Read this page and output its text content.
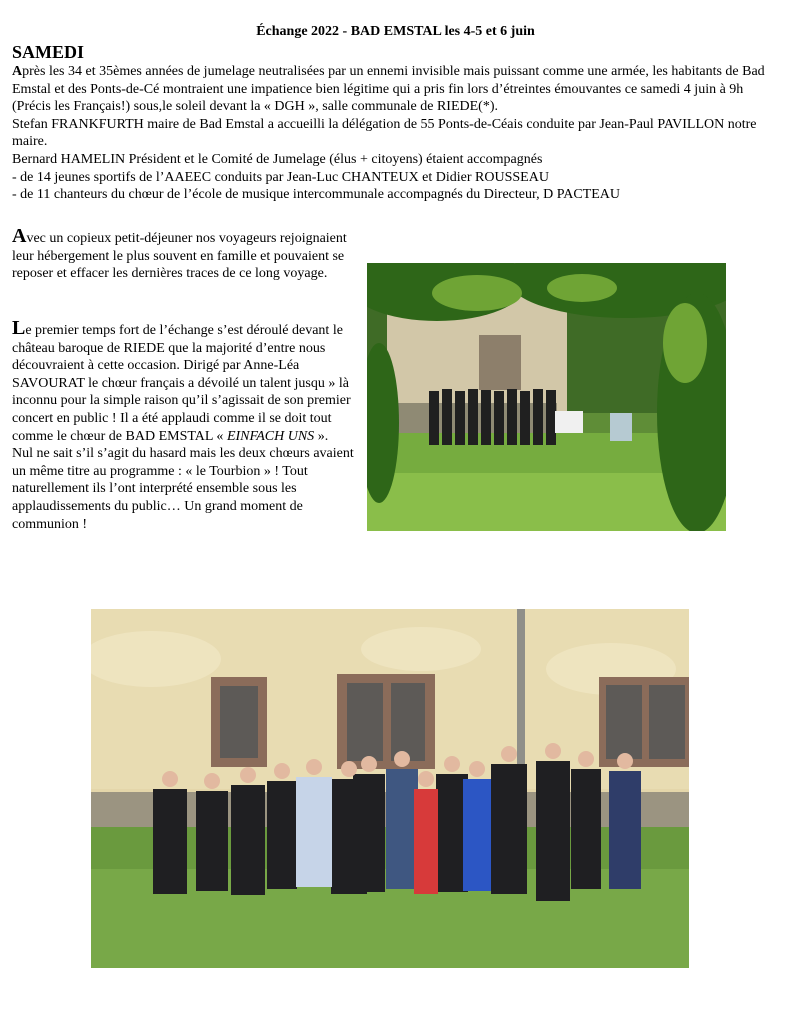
Échange 2022 - BAD EMSTAL les 4-5 et 6 juin
SAMEDI

Après les 34 et 35èmes années de jumelage neutralisées par un ennemi invisible mais puissant comme une armée, les habitants de Bad Emstal et des Ponts-de-Cé montraient une impatience bien légitime qui a pris fin lors d’étreintes émouvantes ce samedi 4 juin à 9h (Précis les Français!) sous,le soleil devant la « DGH », salle communale de RIEDE(*).

Stefan FRANKFURTH maire de Bad Emstal a accueilli la délégation de 55 Ponts-de-Céais conduite par Jean-Paul PAVILLON notre maire.

Bernard HAMELIN Président et le Comité de Jumelage (élus + citoyens) étaient accompagnés

- de 14 jeunes sportifs de l’AAEEC conduits par Jean-Luc CHANTEUX et Didier ROUSSEAU

- de 11 chanteurs du chœur de l’école de musique intercommunale accompagnés du Directeur, D PACTEAU

Avec un copieux petit-déjeuner nos voyageurs rejoignaient leur hébergement le plus souvent en famille et pouvaient se reposer et effacer les dernières traces de ce long voyage.

Le premier temps fort de l’échange s’est déroulé devant le château baroque de RIEDE que la majorité d’entre nous découvraient à cette occasion. Dirigé par Anne-Léa SAVOURAT le chœur français a dévoilé un talent jusqu » là inconnu pour la simple raison qu’il s’agissait de son premier concert en public ! Il a été applaudi comme il se doit tout comme le chœur de BAD EMSTAL « EINFACH UNS ».

Nul ne sait s’il s’agit du hasard mais les deux chœurs avaient un même titre au programme : « le Tourbion » ! Tout naturellement ils l’ont interprété ensemble sous les applaudissements du public… Un grand moment de communion !
